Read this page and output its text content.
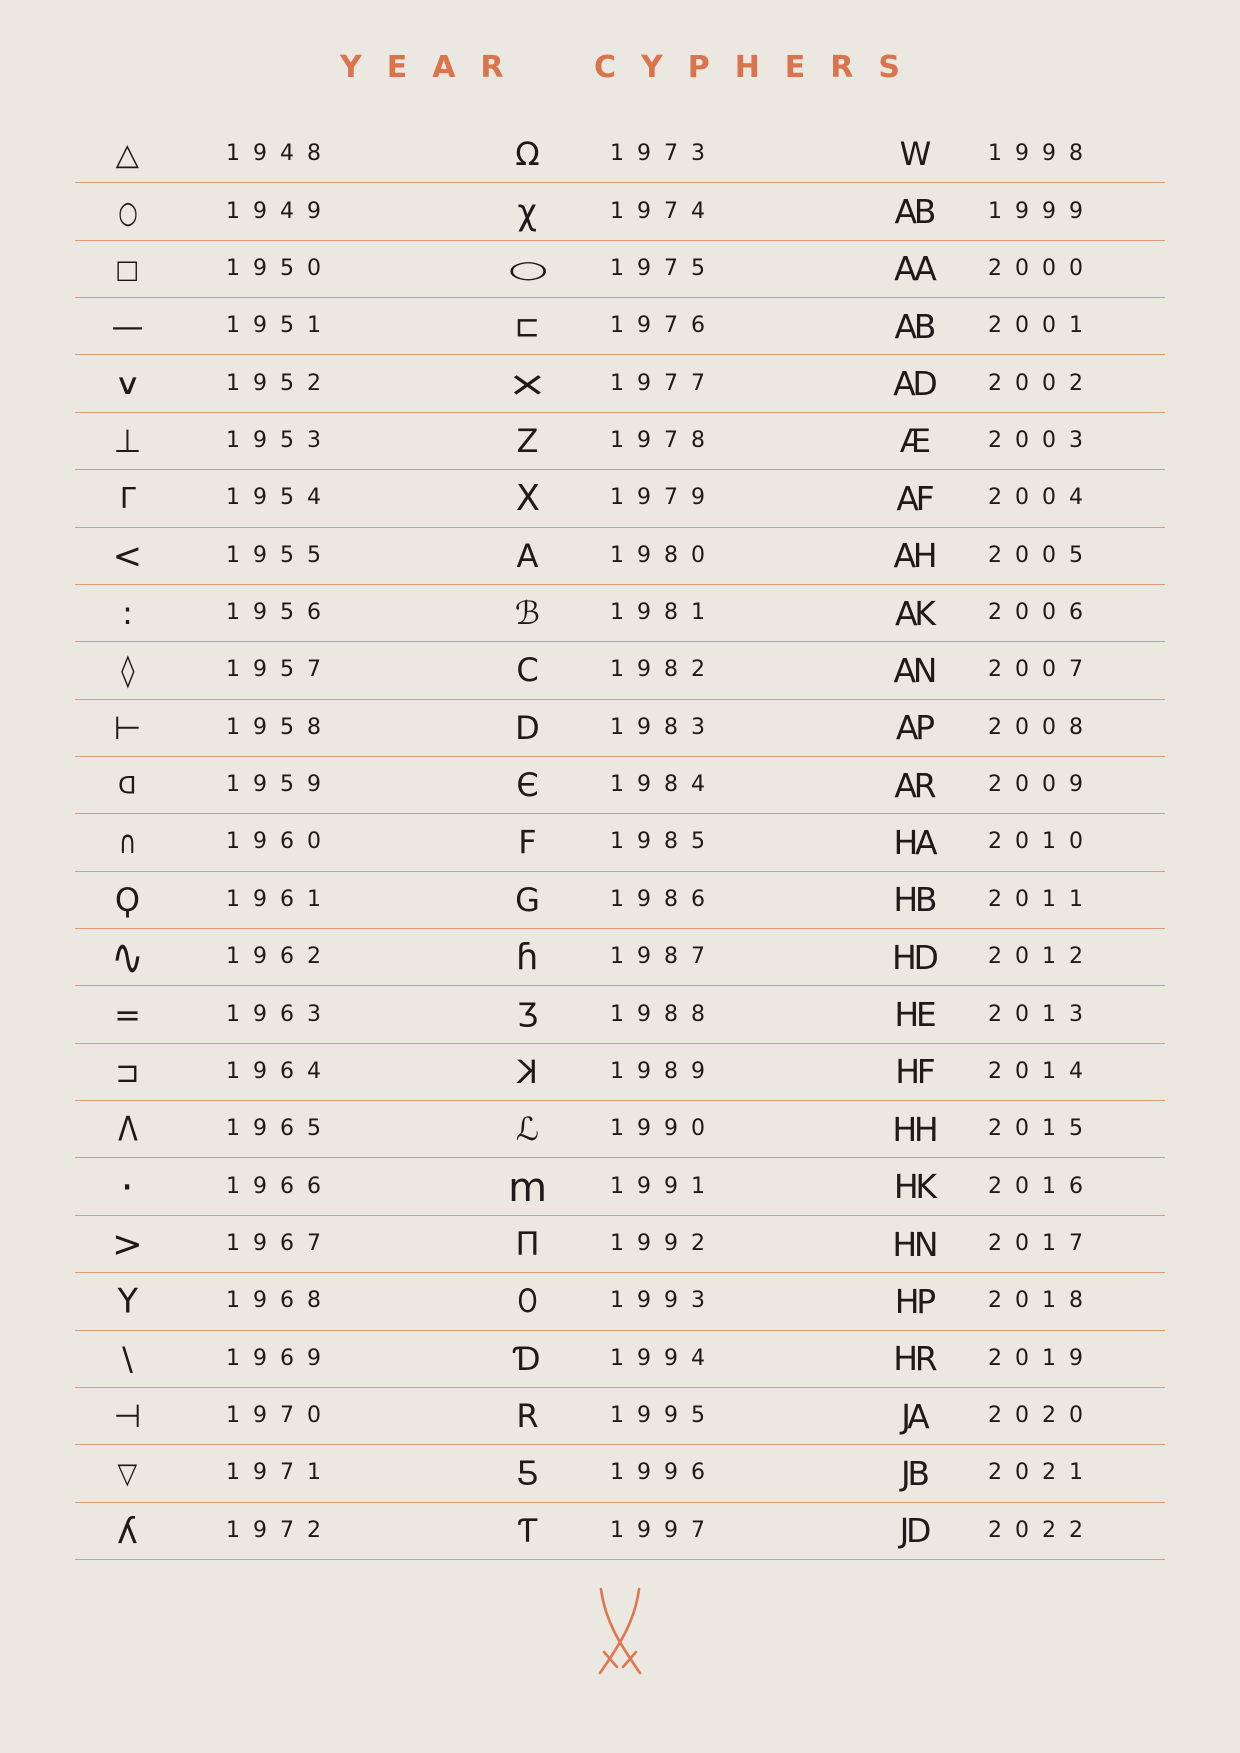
YEAR CYPHERS
△	1948	Ω	1973	W	1998
○	1949	χ	1974	AB	1999
□	1950	○	1975	AA	2000
—	1951	⊏	1976	AB	2001
∨	1952	×	1977	AD	2002
⊥	1953	Z	1978	Æ	2003
Γ	1954	X	1979	AF	2004
<	1955	A	1980	AH	2005
:	1956	ℬ	1981	AK	2006
◊	1957	C	1982	AN	2007
⊢	1958	D	1983	AP	2008
D	1959	Є	1984	AR	2009
∩	1960	F	1985	HA	2010
Ϙ	1961	G	1986	HB	2011
∿	1962	ɦ	1987	HD	2012
=	1963	Ʒ	1988	HE	2013
⊐	1964	K	1989	HF	2014
Λ	1965	ℒ	1990	HH	2015
·	1966	m	1991	HK	2016
>	1967	Π	1992	HN	2017
Y	1968	O	1993	HP	2018
\	1969	Ɗ	1994	HR	2019
⊣	1970	R	1995	JA	2020
▽	1971	Ƽ	1996	JB	2021
ʎ	1972	Ƭ	1997	JD	2022
